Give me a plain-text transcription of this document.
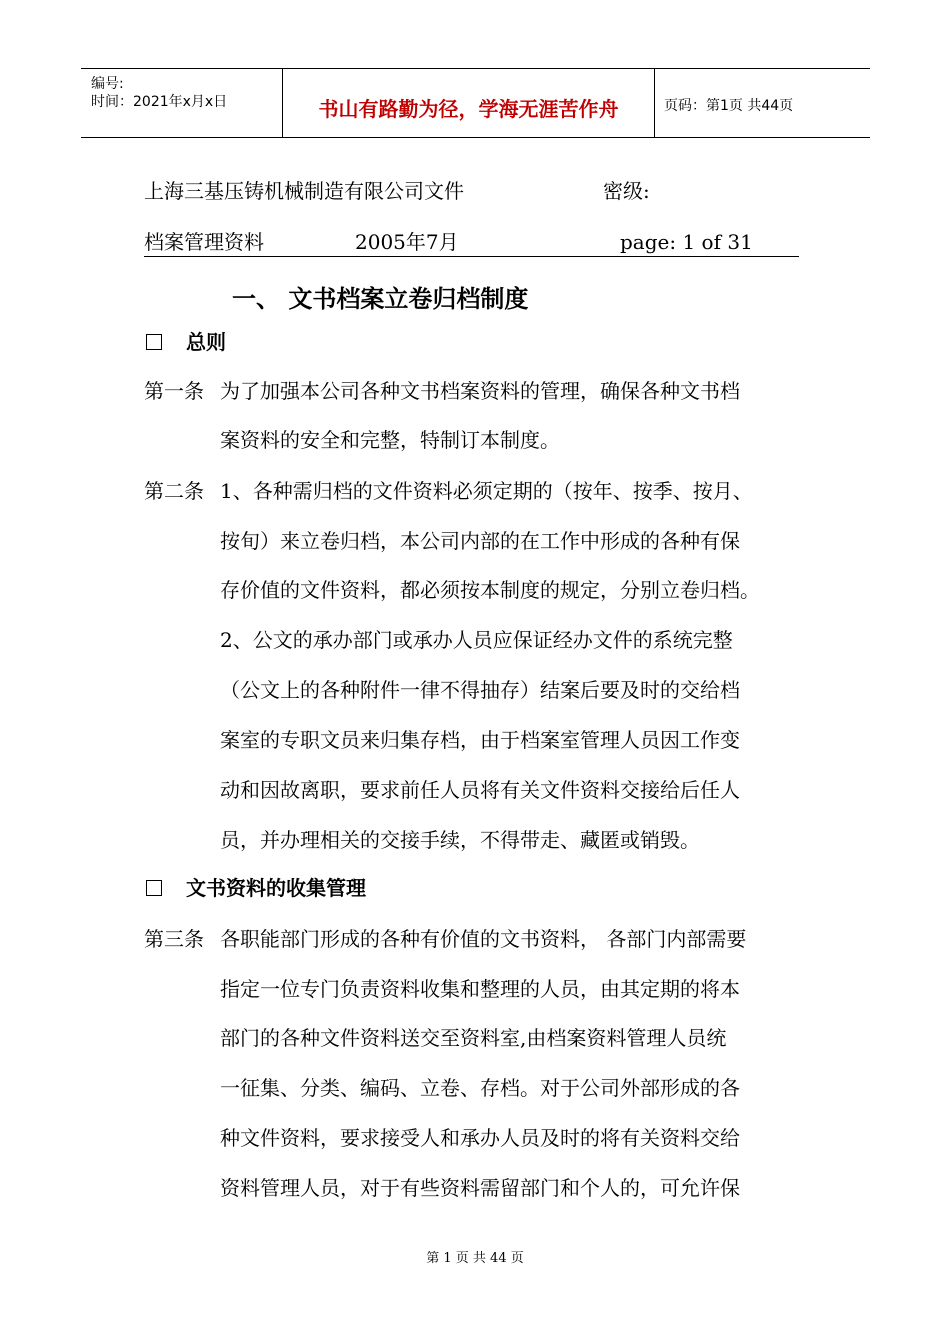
编号:
时间：2021年x月x日	书山有路勤为径，学海无涯苦作舟	页码：第1页 共44页
上海三基压铸机械制造有限公司文件	密级:
档案管理资料	2005年7月	page: 1 of 31
一、 文书档案立卷归档制度
总则
第一条 为了加强本公司各种文书档案资料的管理，确保各种文书档
案资料的安全和完整，特制订本制度。
第二条 1、各种需归档的文件资料必须定期的（按年、按季、按月、
按旬）来立卷归档，本公司内部的在工作中形成的各种有保
存价值的文件资料，都必须按本制度的规定，分别立卷归档。
2、公文的承办部门或承办人员应保证经办文件的系统完整
（公文上的各种附件一律不得抽存）结案后要及时的交给档
案室的专职文员来归集存档，由于档案室管理人员因工作变
动和因故离职，要求前任人员将有关文件资料交接给后任人
员，并办理相关的交接手续，不得带走、藏匿或销毁。
文书资料的收集管理
第三条 各职能部门形成的各种有价值的文书资料， 各部门内部需要
指定一位专门负责资料收集和整理的人员，由其定期的将本
部门的各种文件资料送交至资料室,由档案资料管理人员统
一征集、分类、编码、立卷、存档。对于公司外部形成的各
种文件资料，要求接受人和承办人员及时的将有关资料交给
资料管理人员，对于有些资料需留部门和个人的，可允许保
第 1 页 共 44 页
